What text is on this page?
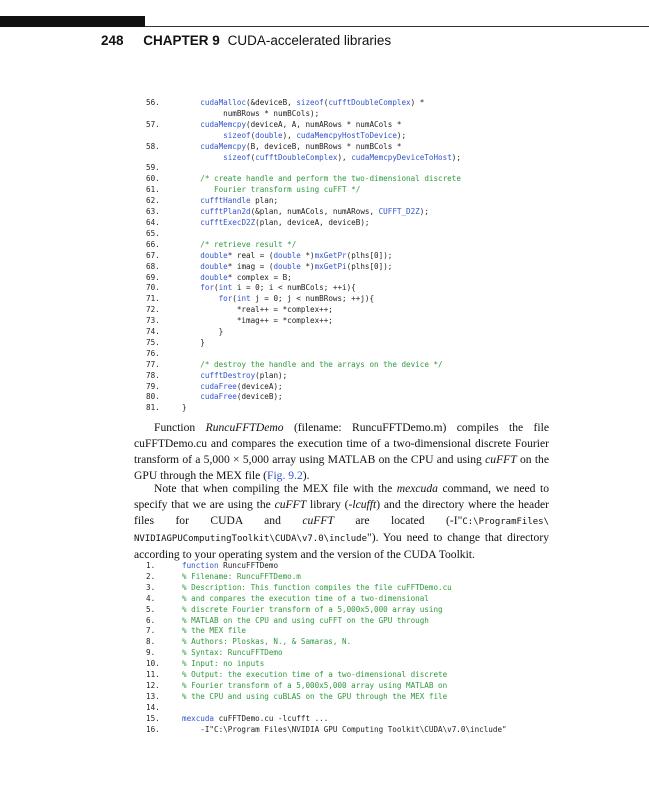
248 CHAPTER 9 CUDA-accelerated libraries
56.	cudaMalloc(&deviceB, sizeof(cufftDoubleComplex) *
numBRows * numBCols);
57.	cudaMemcpy(deviceA, A, numARows * numACols *
sizeof(double), cudaMemcpyHostToDevice);
58.	cudaMemcpy(B, deviceB, numBRows * numBCols *
sizeof(cufftDoubleComplex), cudaMemcpyDeviceToHost);
59.
60.	/* create handle and perform the two-dimensional discrete
61.	Fourier transform using cuFFT */
62.	cufftHandle plan;
63.	cufftPlan2d(&plan, numACols, numARows, CUFFT_D2Z);
64.	cufftExecD2Z(plan, deviceA, deviceB);
65.
66.	/* retrieve result */
67.	double* real = (double *)mxGetPr(plhs[0]);
68.	double* imag = (double *)mxGetPi(plhs[0]);
69.	double* complex = B;
70.	for(int i = 0; i < numBCols; ++i){
71.	for(int j = 0; j < numBRows; ++j){
72.	*real++ = *complex++;
73.	*imag++ = *complex++;
74.	}
75.	}
76.
77.	/* destroy the handle and the arrays on the device */
78.	cufftDestroy(plan);
79.	cudaFree(deviceA);
80.	cudaFree(deviceB);
81.	}
Function RuncuFFTDemo (filename: RuncuFFTDemo.m) compiles the file cuFFTDemo.cu and compares the execution time of a two-dimensional discrete Fourier transform of a 5,000 × 5,000 array using MATLAB on the CPU and using cuFFT on the GPU through the MEX file (Fig. 9.2).
Note that when compiling the MEX file with the mexcuda command, we need to specify that we are using the cuFFT library (-lcufft) and the directory where the header files for CUDA and cuFFT are located (-I"C:\ProgramFiles\ NVIDIAGPUComputingToolkit\CUDA\v7.0\include"). You need to change that directory according to your operating system and the version of the CUDA Toolkit.
1.	function RuncuFFTDemo
2.	% Filename: RuncuFFTDemo.m
3.	% Description: This function compiles the file cuFFTDemo.cu
4.	% and compares the execution time of a two-dimensional
5.	% discrete Fourier transform of a 5,000x5,000 array using
6.	% MATLAB on the CPU and using cuFFT on the GPU through
7.	% the MEX file
8.	% Authors: Ploskas, N., & Samaras, N.
9.	% Syntax: RuncuFFTDemo
10.	% Input: no inputs
11.	% Output: the execution time of a two-dimensional discrete
12.	% Fourier transform of a 5,000x5,000 array using MATLAB on
13.	% the CPU and using cuBLAS on the GPU through the MEX file
14.
15.	mexcuda cuFFTDemo.cu -lcufft ...
16.	-I"C:\Program Files\NVIDIA GPU Computing Toolkit\CUDA\v7.0\include"
